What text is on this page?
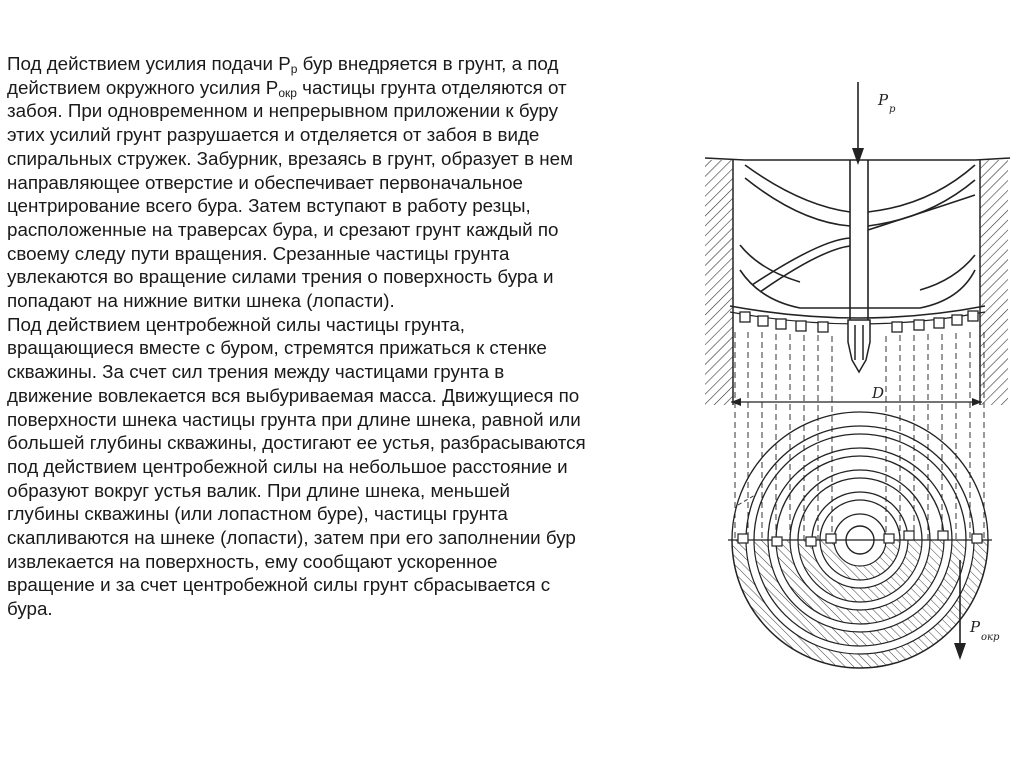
Под действием усилия подачи $Р_р$ бур внедряется в грунт, а под
действием окружного усилия $Р_{окр}$ частицы грунта отделяются от
забоя. При одновременном и непрерывном приложении к буру
этих усилий грунт разрушается и отделяется от забоя в виде
спиральных стружек. Забурник, врезаясь в грунт, образует в нем
направляющее отверстие и обеспечивает первоначальное
центрирование всего бура. Затем вступают в работу резцы,
расположенные на траверсах бура, и срезают грунт каждый по
своему следу пути вращения. Срезанные частицы грунта
увлекаются во вращение силами трения о поверхность бура и
попадают на нижние витки шнека (лопасти).
Под действием центробежной силы частицы грунта,
вращающиеся вместе с буром, стремятся прижаться к стенке
скважины. За счет сил трения между частицами грунта в
движение вовлекается вся выбуриваемая масса. Движущиеся по
поверхности шнека частицы грунта при длине шнека, равной или
большей глубины скважины, достигают ее устья, разбрасываются
под действием центробежной силы на небольшое расстояние и
образуют вокруг устья валик. При длине шнека, меньшей
глубины скважины (или лопастном буре), частицы грунта
скапливаются на шнеке (лопасти), затем при его заполнении бур
извлекается на поверхность, ему сообщают ускоренное
вращение и за счет центробежной силы грунт сбрасывается с
бура.
D
P
p
P
окр
